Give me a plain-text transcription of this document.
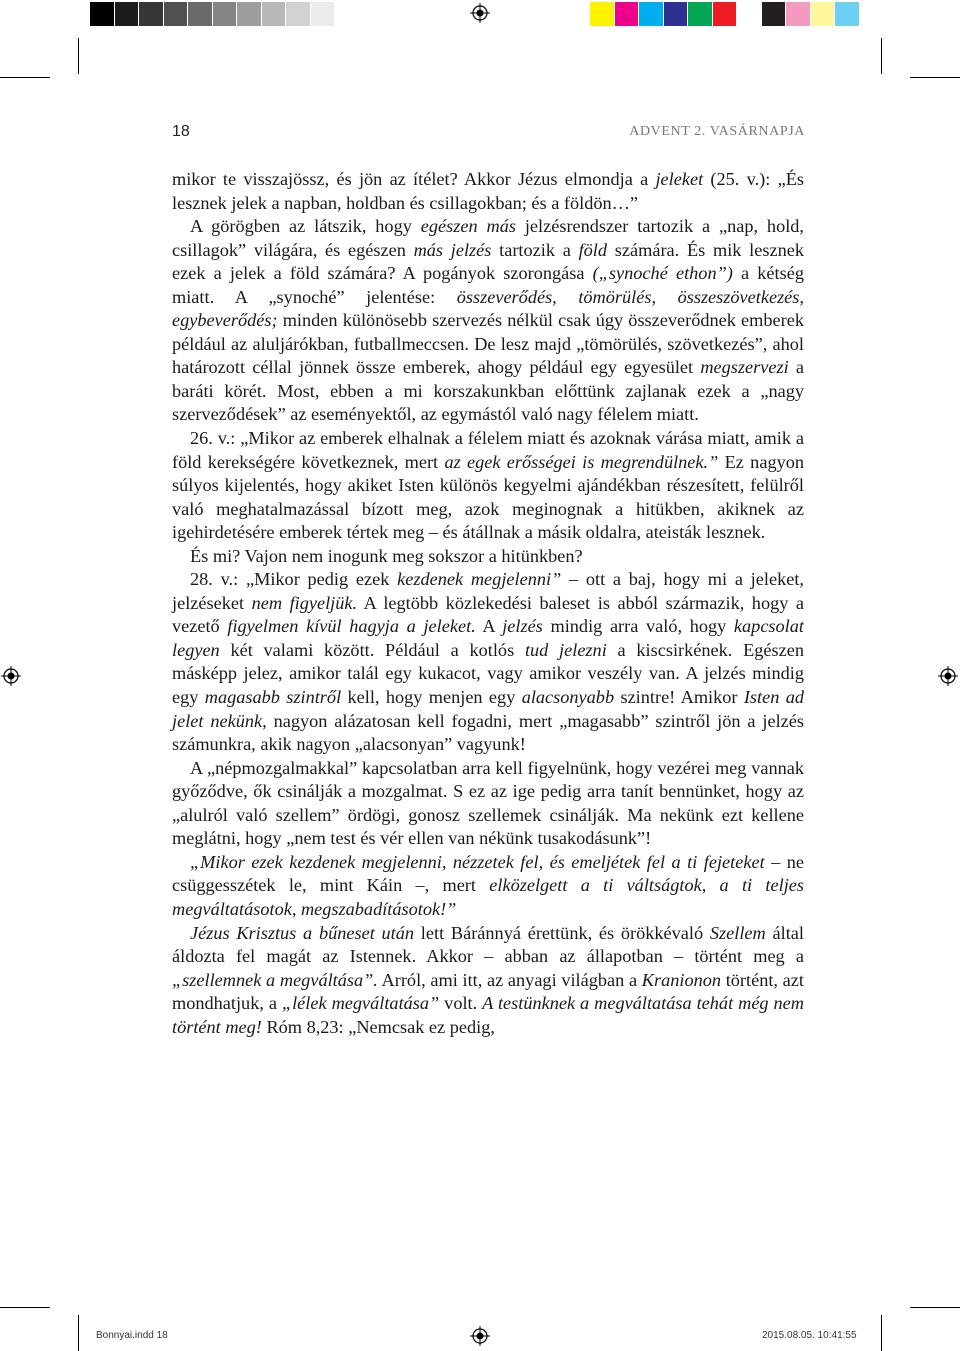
18	ADVENT 2. VASÁRNAPJA

mikor te visszajössz, és jön az ítélet? Akkor Jézus elmondja a jeleket (25. v.): „És lesznek jelek a napban, holdban és csillagokban; és a földön…”

A görögben az látszik, hogy egészen más jelzésrendszer tartozik a „nap, hold, csillagok” világára, és egészen más jelzés tartozik a föld számára. És mik lesznek ezek a jelek a föld számára? A pogányok szorongása („synoché ethon”) a kétség miatt. A „synoché” jelentése: összeverődés, tömörülés, összeszövetkezés, egybeverődés; minden különösebb szervezés nélkül csak úgy összeverődnek emberek például az aluljárókban, futballmeccsen. De lesz majd „tömörülés, szövetkezés”, ahol határozott céllal jönnek össze emberek, ahogy például egy egyesület megszervezi a baráti körét. Most, ebben a mi korszakunkban előttünk zajlanak ezek a „nagy szerveződések” az eseményektől, az egymástól való nagy félelem miatt.

26. v.: „Mikor az emberek elhalnak a félelem miatt és azoknak várása miatt, amik a föld kerekségére következnek, mert az egek erősségei is megrendülnek.” Ez nagyon súlyos kijelentés, hogy akiket Isten különös kegyelmi ajándékban részesített, felülről való meghatalmazással bízott meg, azok meginognak a hitükben, akiknek az igehirdetésére emberek tértek meg – és átállnak a másik oldalra, ateisták lesznek.

És mi? Vajon nem inogunk meg sokszor a hitünkben?

28. v.: „Mikor pedig ezek kezdenek megjelenni” – ott a baj, hogy mi a jeleket, jelzéseket nem figyeljük. A legtöbb közlekedési baleset is abból származik, hogy a vezető figyelmen kívül hagyja a jeleket. A jelzés mindig arra való, hogy kapcsolat legyen két valami között. Például a kotlós tud jelezni a kiscsirkének. Egészen másképp jelez, amikor talál egy kukacot, vagy amikor veszély van. A jelzés mindig egy magasabb szintről kell, hogy menjen egy alacsonyabb szintre! Amikor Isten ad jelet nekünk, nagyon alázatosan kell fogadni, mert „magasabb” szintről jön a jelzés számunkra, akik nagyon „alacsonyan” vagyunk!

A „népmozgalmakkal” kapcsolatban arra kell figyelnünk, hogy vezérei meg vannak győződve, ők csinálják a mozgalmat. S ez az ige pedig arra tanít bennünket, hogy az „alulról való szellem” ördögi, gonosz szellemek csinálják. Ma nekünk ezt kellene meglátni, hogy „nem test és vér ellen van nékünk tusakodásunk”!

„Mikor ezek kezdenek megjelenni, nézzetek fel, és emeljétek fel a ti fejeteket – ne csüggesszétek le, mint Káin –, mert elközelgett a ti váltságtok, a ti teljes megváltatásotok, megszabadításotok!”

Jézus Krisztus a bűneset után lett Báránnyá érettünk, és örökkévaló Szellem által áldozta fel magát az Istennek. Akkor – abban az állapotban – történt meg a „szellemnek a megváltása”. Arról, ami itt, az anyagi világban a Kranionon történt, azt mondhatjuk, a „lélek megváltatása” volt. A testünknek a megváltatása tehát még nem történt meg! Róm 8,23: „Nemcsak ez pedig,

Bonnyai.indd 18	2015.08.05. 10:41:55
